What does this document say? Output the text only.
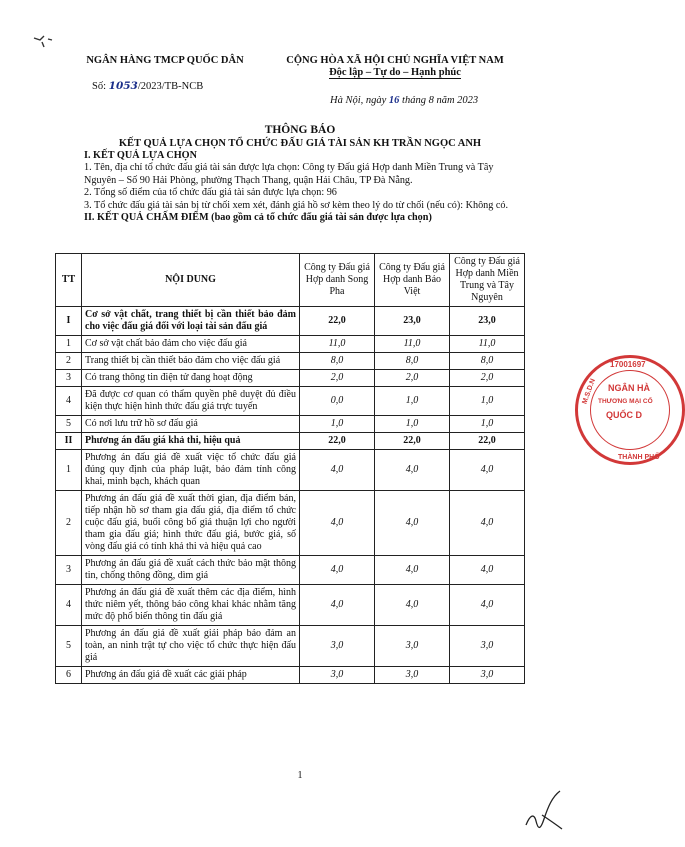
NGÂN HÀNG TMCP QUỐC DÂN
Số: 1053/2023/TB-NCB
CỘNG HÒA XÃ HỘI CHỦ NGHĨA VIỆT NAM
Độc lập – Tự do – Hạnh phúc
Hà Nội, ngày 16 tháng 8 năm 2023
THÔNG BÁO
KẾT QUẢ LỰA CHỌN TỔ CHỨC ĐẤU GIÁ TÀI SẢN KH TRẦN NGỌC ANH
I. KẾT QUẢ LỰA CHỌN
1. Tên, địa chỉ tổ chức đấu giá tài sản được lựa chọn: Công ty Đấu giá Hợp danh Miền Trung và Tây Nguyên – Số 90 Hải Phòng, phường Thạch Thang, quận Hải Châu, TP Đà Nẵng.
2. Tổng số điểm của tổ chức đấu giá tài sản được lựa chọn: 96
3. Tổ chức đấu giá tài sản bị từ chối xem xét, đánh giá hồ sơ kèm theo lý do từ chối (nếu có): Không có.
II. KẾT QUẢ CHẤM ĐIỂM (bao gồm cả tổ chức đấu giá tài sản được lựa chọn)
TT	NỘI DUNG	Công ty Đấu giá Hợp danh Song Pha	Công ty Đấu giá Hợp danh Bảo Việt	Công ty Đấu giá Hợp danh Miền Trung và Tây Nguyên
I	Cơ sở vật chất, trang thiết bị cần thiết bảo đảm cho việc đấu giá đối với loại tài sản đấu giá	22,0	23,0	23,0
1	Cơ sở vật chất bảo đảm cho việc đấu giá	11,0	11,0	11,0
2	Trang thiết bị cần thiết bảo đảm cho việc đấu giá	8,0	8,0	8,0
3	Có trang thông tin điện tử đang hoạt động	2,0	2,0	2,0
4	Đã được cơ quan có thẩm quyền phê duyệt đủ điều kiện thực hiện hình thức đấu giá trực tuyến	0,0	1,0	1,0
5	Có nơi lưu trữ hồ sơ đấu giá	1,0	1,0	1,0
II	Phương án đấu giá khả thi, hiệu quả	22,0	22,0	22,0
1	Phương án đấu giá đề xuất việc tổ chức đấu giá đúng quy định của pháp luật, bảo đảm tính công khai, minh bạch, khách quan	4,0	4,0	4,0
2	Phương án đấu giá đề xuất thời gian, địa điểm bán, tiếp nhận hồ sơ tham gia đấu giá, địa điểm tổ chức cuộc đấu giá, buổi công bố giá thuận lợi cho người tham gia đấu giá; hình thức đấu giá, bước giá, số vòng đấu giá có tính khả thi và hiệu quả cao	4,0	4,0	4,0
3	Phương án đấu giá đề xuất cách thức bảo mật thông tin, chống thông đồng, dìm giá	4,0	4,0	4,0
4	Phương án đấu giá đề xuất thêm các địa điểm, hình thức niêm yết, thông báo công khai khác nhằm tăng mức độ phổ biến thông tin đấu giá	4,0	4,0	4,0
5	Phương án đấu giá đề xuất giải pháp bảo đảm an toàn, an ninh trật tự cho việc tổ chức thực hiện đấu giá	3,0	3,0	3,0
6	Phương án đấu giá đề xuất các giải pháp	3,0	3,0	3,0
1
17001697
M.S.D.N NGÂN HÀ
THƯƠNG MẠI CỔ
QUỐC D
THÀNH PHỐ
